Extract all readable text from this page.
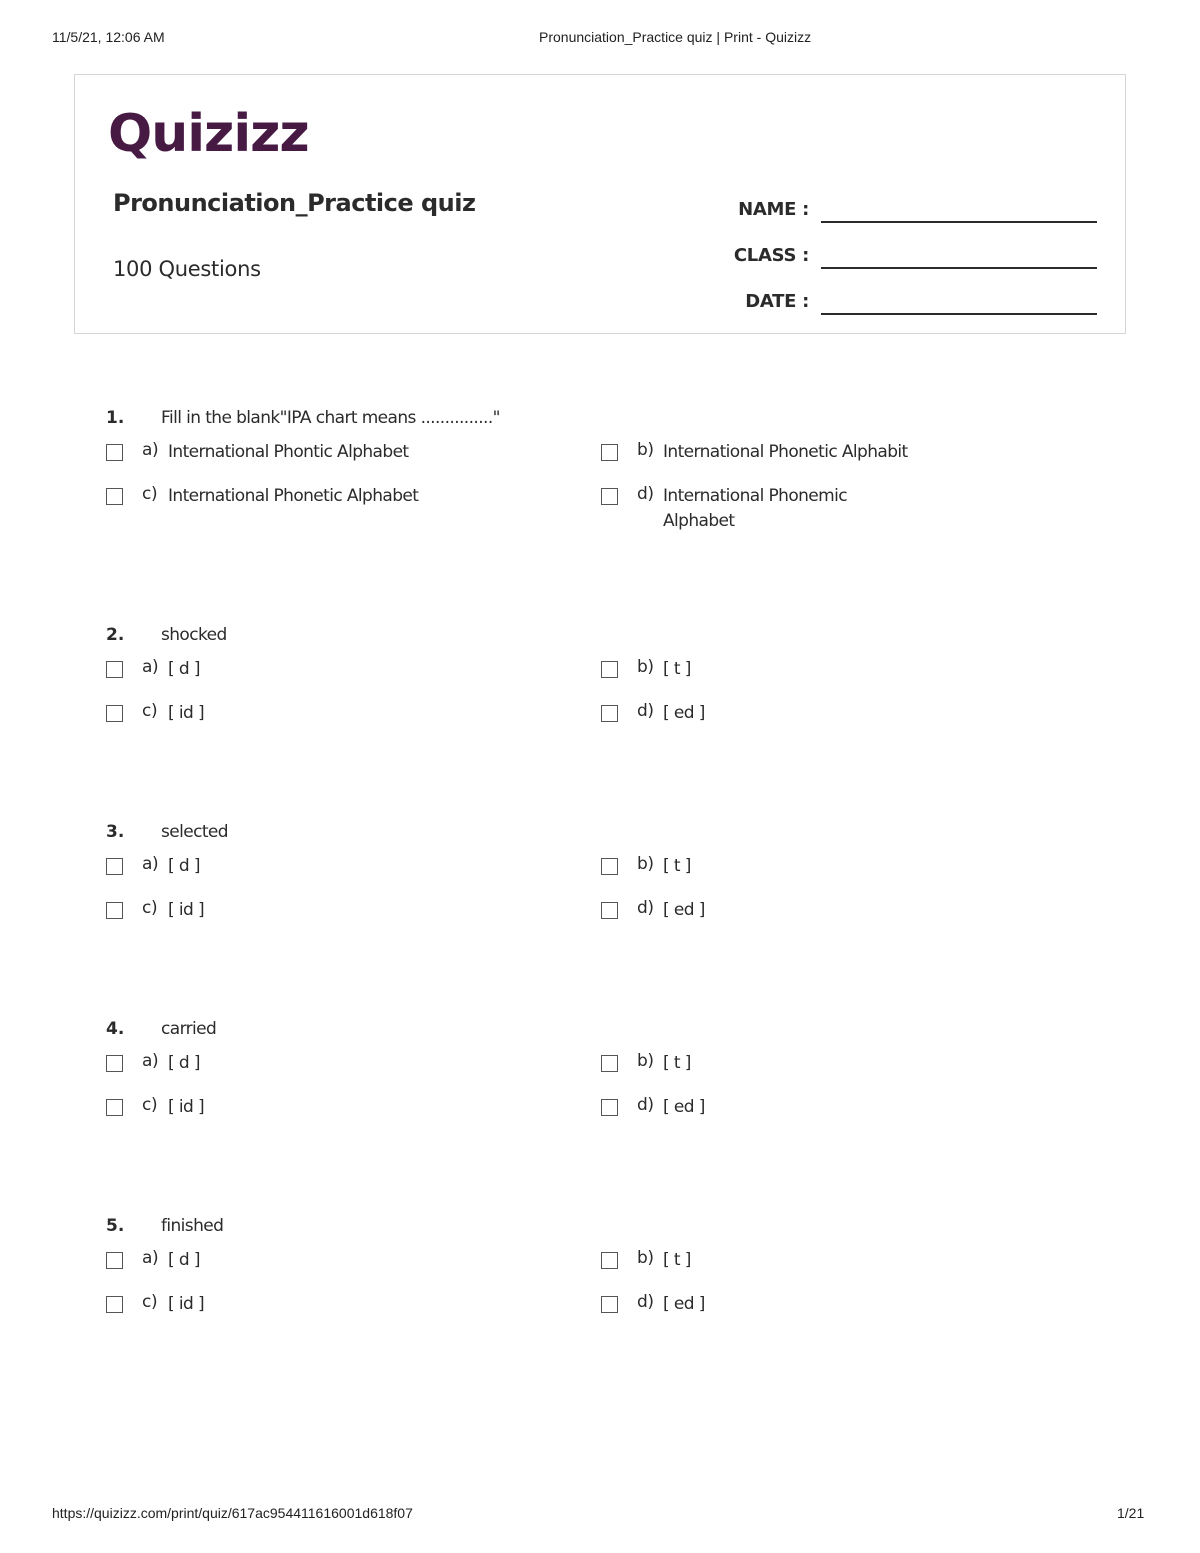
11/5/21, 12:06 AM	Pronunciation_Practice quiz | Print - Quizizz
Quizizz
Pronunciation_Practice quiz
100 Questions
NAME :
CLASS :
DATE :
1. Fill in the blank"IPA chart means ..............."
a) International Phontic Alphabet	b) International Phonetic Alphabit
c) International Phonetic Alphabet	d) International Phonemic Alphabet
2. shocked
a) [ d ]	b) [ t ]
c) [ id ]	d) [ ed ]
3. selected
a) [ d ]	b) [ t ]
c) [ id ]	d) [ ed ]
4. carried
a) [ d ]	b) [ t ]
c) [ id ]	d) [ ed ]
5. finished
a) [ d ]	b) [ t ]
c) [ id ]	d) [ ed ]
https://quizizz.com/print/quiz/617ac954411616001d618f07	1/21
